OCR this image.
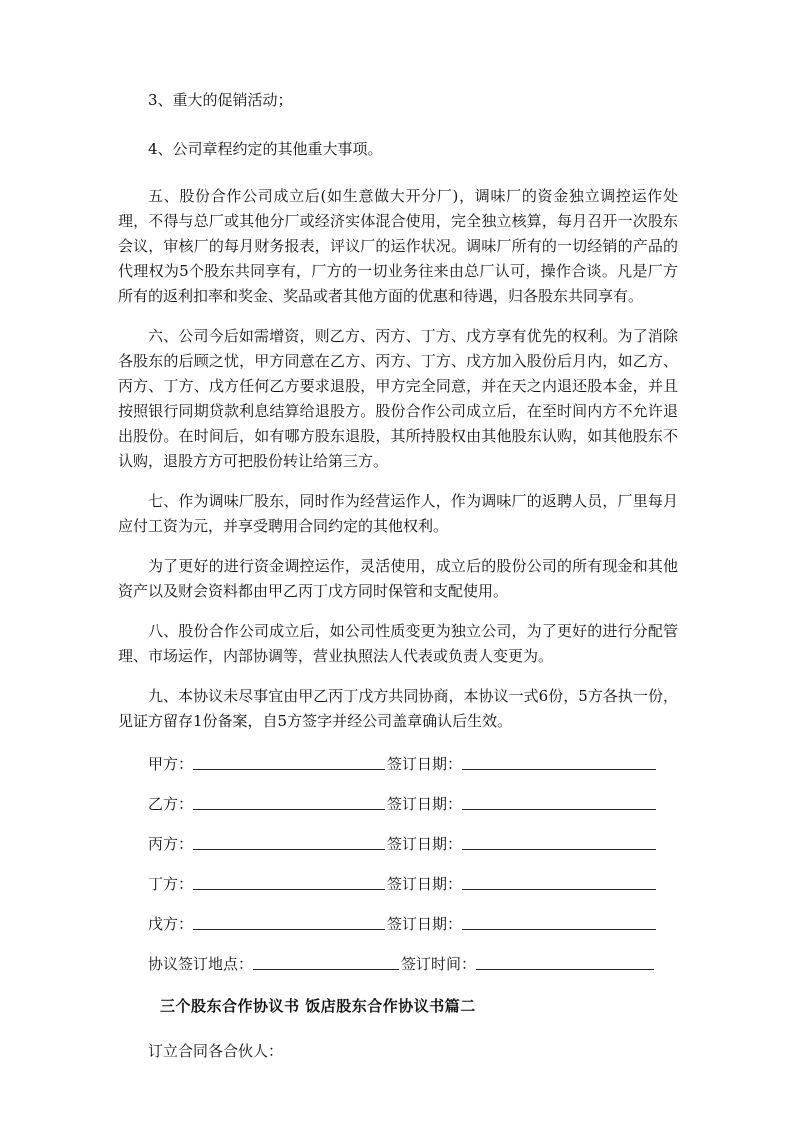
3、重大的促销活动；

4、公司章程约定的其他重大事项。

五、股份合作公司成立后(如生意做大开分厂)，调味厂的资金独立调控运作处理，不得与总厂或其他分厂或经济实体混合使用，完全独立核算，每月召开一次股东会议，审核厂的每月财务报表，评议厂的运作状况。调味厂所有的一切经销的产品的代理权为5个股东共同享有，厂方的一切业务往来由总厂认可，操作合谈。凡是厂方所有的返利扣率和奖金、奖品或者其他方面的优惠和待遇，归各股东共同享有。

六、公司今后如需增资，则乙方、丙方、丁方、戊方享有优先的权利。为了消除各股东的后顾之忧，甲方同意在乙方、丙方、丁方、戊方加入股份后月内，如乙方、丙方、丁方、戊方任何乙方要求退股，甲方完全同意，并在天之内退还股本金，并且按照银行同期贷款利息结算给退股方。股份合作公司成立后，在至时间内方不允许退出股份。在时间后，如有哪方股东退股，其所持股权由其他股东认购，如其他股东不认购，退股方方可把股份转让给第三方。

七、作为调味厂股东，同时作为经营运作人，作为调味厂的返聘人员，厂里每月应付工资为元，并享受聘用合同约定的其他权利。

为了更好的进行资金调控运作，灵活使用，成立后的股份公司的所有现金和其他资产以及财会资料都由甲乙丙丁戊方同时保管和支配使用。

八、股份合作公司成立后，如公司性质变更为独立公司，为了更好的进行分配管理、市场运作，内部协调等，营业执照法人代表或负责人变更为。

九、本协议未尽事宜由甲乙丙丁戊方共同协商，本协议一式6份，5方各执一份，见证方留存1份备案，自5方签字并经公司盖章确认后生效。

甲方：	签订日期：
乙方：	签订日期：
丙方：	签订日期：
丁方：	签订日期：
戊方：	签订日期：
协议签订地点：	签订时间：
三个股东合作协议书 饭店股东合作协议书篇二

订立合同各合伙人：
